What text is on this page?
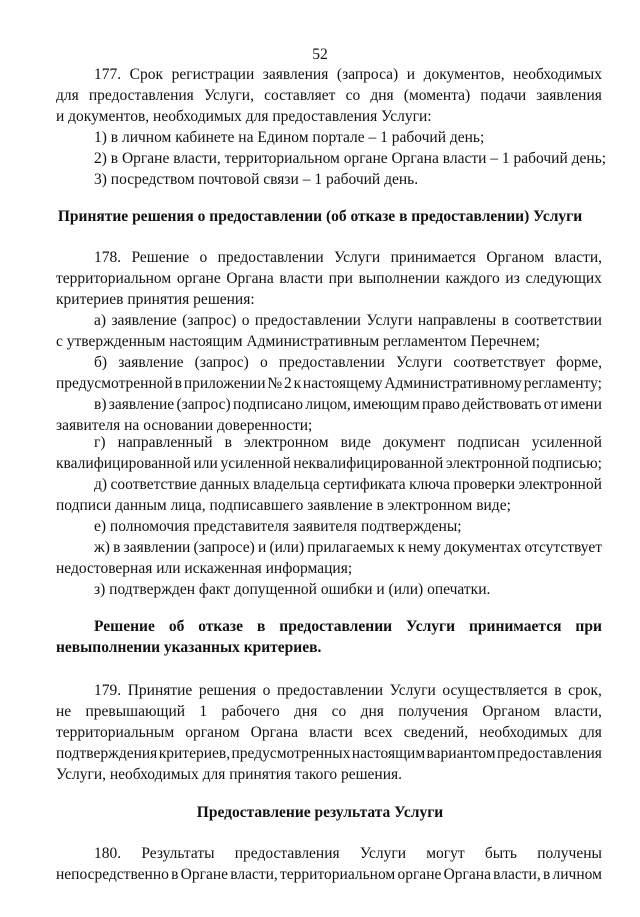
52
177. Срок регистрации заявления (запроса) и документов, необходимых
для предоставления Услуги, составляет со дня (момента) подачи заявления
и документов, необходимых для предоставления Услуги:
1) в личном кабинете на Едином портале – 1 рабочий день;
2) в Органе власти, территориальном органе Органа власти – 1 рабочий день;
3) посредством почтовой связи – 1 рабочий день.
Принятие решения о предоставлении (об отказе в предоставлении) Услуги
178. Решение о предоставлении Услуги принимается Органом власти,
территориальном органе Органа власти при выполнении каждого из следующих
критериев принятия решения:
а) заявление (запрос) о предоставлении Услуги направлены в соответствии
с утвержденным настоящим Административным регламентом Перечнем;
б) заявление (запрос) о предоставлении Услуги соответствует форме,
предусмотренной в приложении № 2 к настоящему Административному регламенту;
в) заявление (запрос) подписано лицом, имеющим право действовать от имени
заявителя на основании доверенности;
г) направленный в электронном виде документ подписан усиленной
квалифицированной или усиленной неквалифицированной электронной подписью;
д) соответствие данных владельца сертификата ключа проверки электронной
подписи данным лица, подписавшего заявление в электронном виде;
е) полномочия представителя заявителя подтверждены;
ж) в заявлении (запросе) и (или) прилагаемых к нему документах отсутствует
недостоверная или искаженная информация;
з) подтвержден факт допущенной ошибки и (или) опечатки.
Решение об отказе в предоставлении Услуги принимается при
невыполнении указанных критериев.
179. Принятие решения о предоставлении Услуги осуществляется в срок,
не превышающий 1 рабочего дня со дня получения Органом власти,
территориальным органом Органа власти всех сведений, необходимых для
подтверждения критериев, предусмотренных настоящим вариантом предоставления
Услуги, необходимых для принятия такого решения.
Предоставление результата Услуги
180. Результаты предоставления Услуги могут быть получены
непосредственно в Органе власти, территориальном органе Органа власти, в личном
